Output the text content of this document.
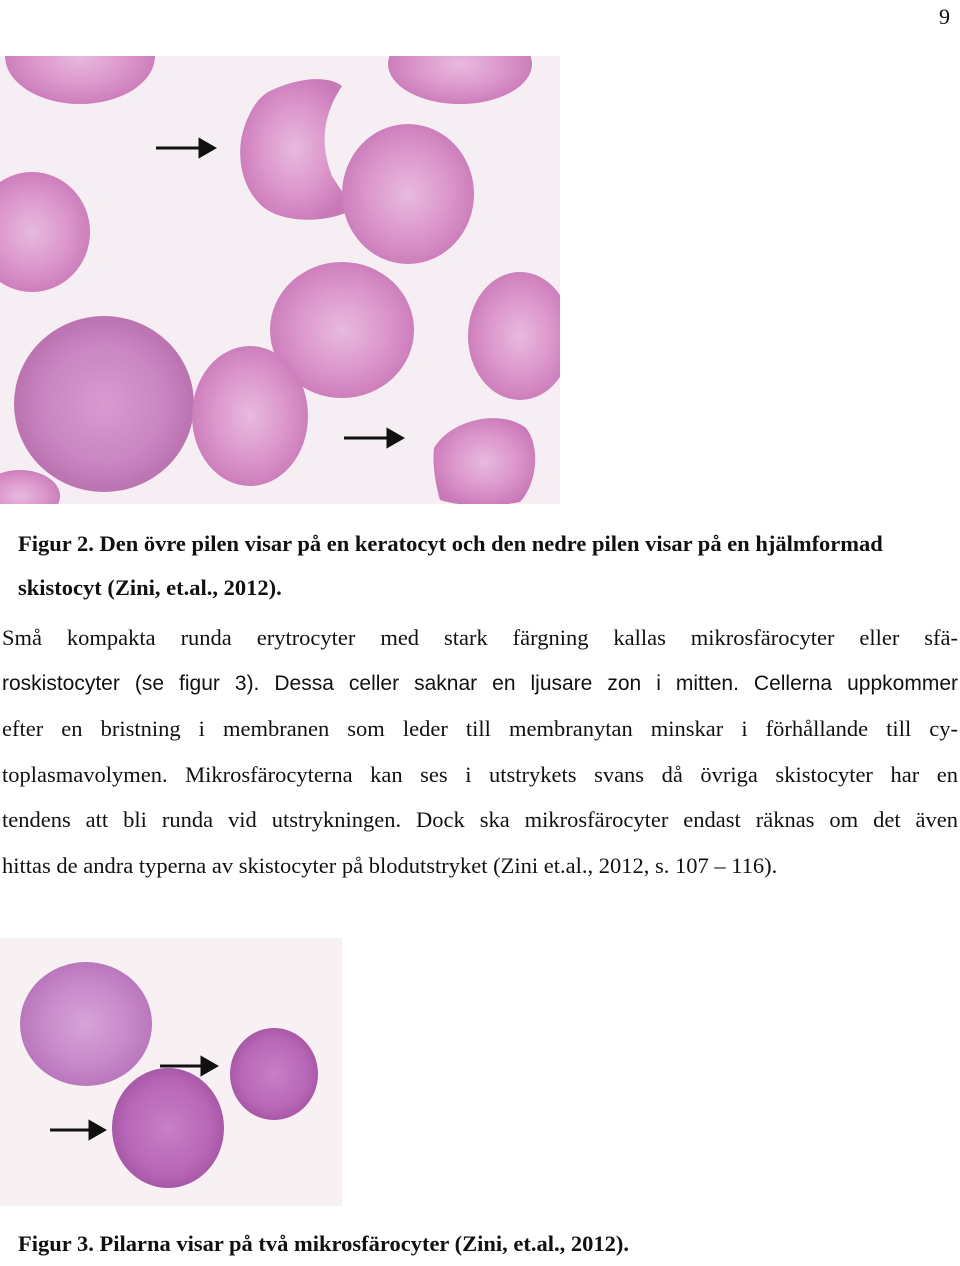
9
Figur 2. Den övre pilen visar på en keratocyt och den nedre pilen visar på en hjälmformad skistocyt (Zini, et.al., 2012).

Små kompakta runda erytrocyter med stark färgning kallas mikrosfärocyter eller sfä-
roskistocyter (se figur 3). Dessa celler saknar en ljusare zon i mitten. Cellerna uppkommer
efter en bristning i membranen som leder till membranytan minskar i förhållande till cy-
toplasmavolymen. Mikrosfärocyterna kan ses i utstrykets svans då övriga skistocyter har en
tendens att bli runda vid utstrykningen. Dock ska mikrosfärocyter endast räknas om det även
hittas de andra typerna av skistocyter på blodutstryket (Zini et.al., 2012, s. 107 – 116).

Figur 3. Pilarna visar på två mikrosfärocyter (Zini, et.al., 2012).
